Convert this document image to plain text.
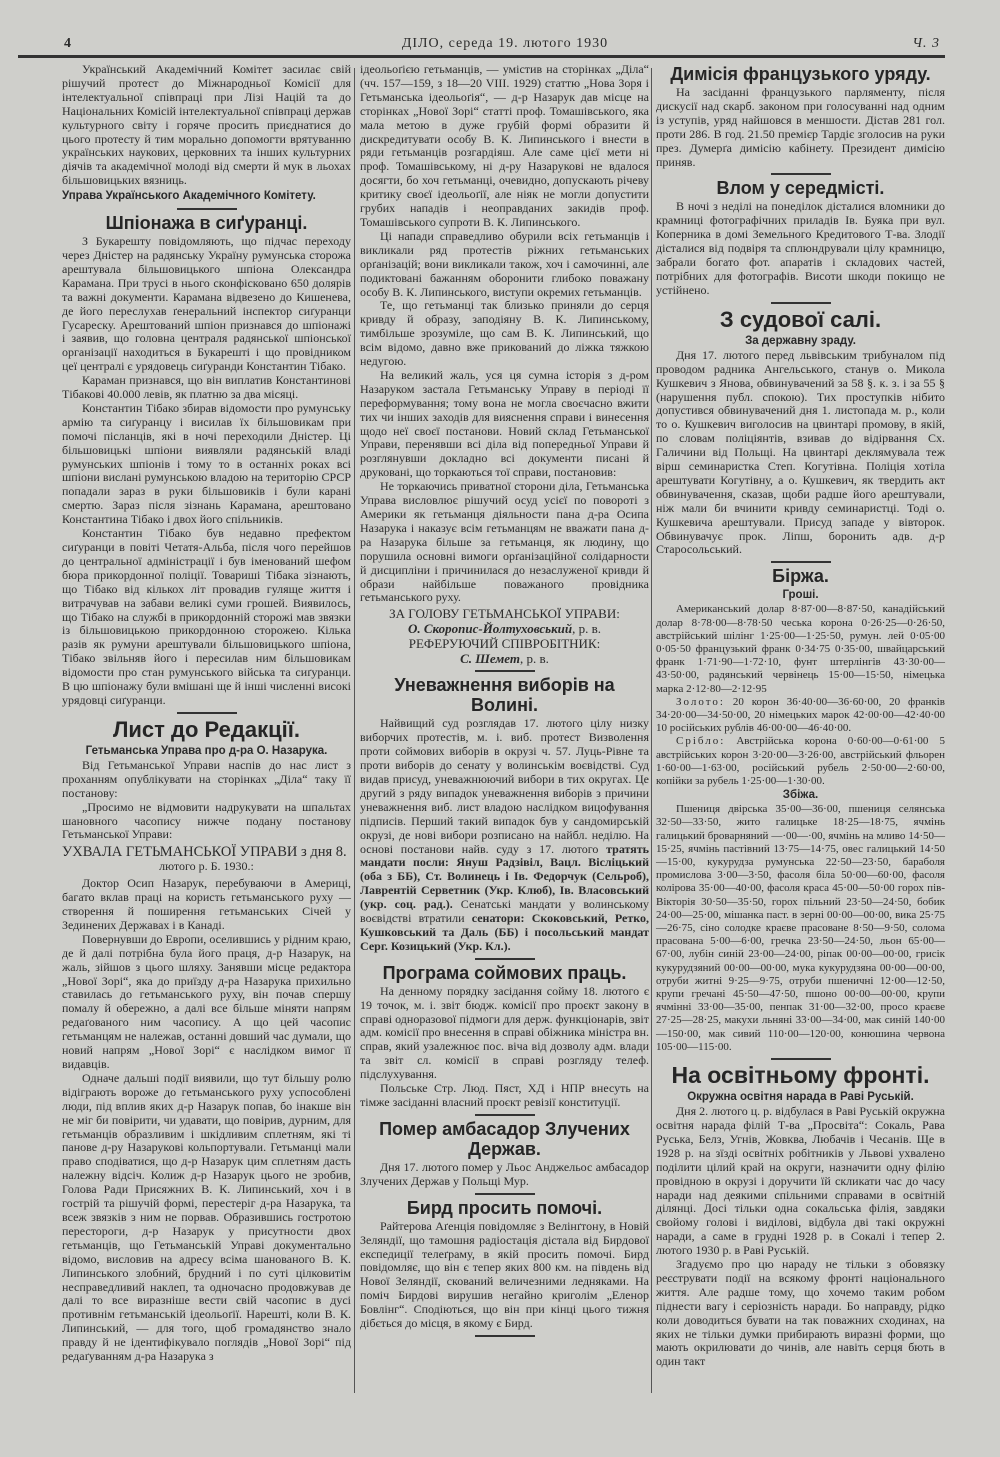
4	ДІЛО, середа 19. лютого 1930	Ч. 3

Український Академічний Комітет засилає свій рішучий протест до Міжнародньої Комісії для інтелектуальної співпраці при Лізі Націй та до Національних Комісій інтелектуальної співпраці держав культурного світу і горяче просить приєднатися до цього протесту й тим морально допомогти врятуванню українських наукових, церковних та інших культурних діячів та академічної молоді від смерти й мук в льохах більшовицьких вязниць.

Управа Українського Академічного Комітету.

Шпіонажа в сиґуранці.

З Букарешту повідомляють, що підчас переходу через Дністер на радянську Україну румунська сторожа арештувала більшовицького шпіона Олександра Карамана. При трусі в нього сконфісковано 650 долярів та важні документи. Карамана відвезено до Кишенева, де його переслухав ґенеральний інспектор сиґуранци Гусареску. Арештований шпіон признався до шпіонажі і заявив, що головна централя радянської шпіонської організації находиться в Букарешті і що провідником цеї централі є урядовець сиґуранди Константин Тібако.

Караман признався, що він виплатив Константинові Тібакові 40.000 левів, як платню за два місяці.

Константин Тібако збирав відомости про румунську армію та сиґуранцу і висилав їх більшовикам при помочі післанців, які в ночі переходили Дністер. Ці більшовицькі шпіони виявляли радянській владі румунських шпіонів і тому то в останніх роках всі шпіони вислані румунською владою на територію СРСР попадали зараз в руки більшовиків і були карані смертю. Зараз після зізнань Карамана, арештовано Константина Тібако і двох його спільників.

Константин Тібако був недавно префектом сиґуранци в повіті Четатя-Альба, після чого перейшов до центральної адміністрації і був іменований шефом бюра прикордонної поліції. Товариші Тібака зізнають, що Тібако від кількох літ провадив гуляще життя і витрачував на забави великі суми грошей. Виявилось, що Тібако на службі в прикордонній сторожі мав звязки із більшовицькою прикордонною сторожею. Кілька разів як румуни арештували більшовицького шпіона, Тібако звільняв його і пересилав ним більшовикам відомости про стан румунського війська та сиґуранци. В цю шпіонажу були вмішані ще й інші численні високі урядовці сиґуранци.

Лист до Редакції.
Гетьманська Управа про д-ра О. Назарука.

Від Гетьманської Управи наспів до нас лист з проханням опублікувати на сторінках „Діла“ таку її постанову:

„Просимо не відмовити надрукувати на шпальтах шановного часопису нижче подану постанову Гетьманської Управи:

УХВАЛА ГЕТЬМАНСЬКОЇ УПРАВИ з дня 8.

лютого р. Б. 1930.:

Доктор Осип Назарук, перебуваючи в Америці, багато вклав праці на користь гетьманського руху — створення й поширення гетьманських Січей у Зединених Державах і в Канаді.

Повернувши до Европи, оселившись у рідним краю, де й далі потрібна була його праця, д-р Назарук, на жаль, зійшов з цього шляху. Занявши місце редактора „Нової Зорі“, яка до приїзду д-ра Назарука прихильно ставилась до гетьманського руху, він почав спершу помалу й обережно, а далі все більше міняти напрям редаґованого ним часопису. А що цей часопис гетьманцям не належав, останні довший час думали, що новий напрям „Нової Зорі“ є наслідком вимог її видавців.

Одначе дальші події виявили, що тут більшу ролю відіграють вороже до гетьманського руху успособлені люди, під вплив яких д-р Назарук попав, бо інакше він не міг би повірити, чи удавати, що повірив, дурним, для гетьманців образливим і шкідливим сплетням, які ті панове д-ру Назарукові кольпортували. Гетьманці мали право сподіватися, що д-р Назарук цим сплетням дасть належну відсіч. Колиж д-р Назарук цього не зробив, Голова Ради Присяжних В. К. Липинський, хоч і в гострій та рішучій формі, перестеріг д-ра Назарука, та всеж звязків з ним не порвав. Образившись гостротою перестороги, д-р Назарук у присутности двох гетьманців, що Гетьманській Управі документально відомо, висловив на адресу всіма шанованого В. К. Липинського злобний, брудний і по суті цілковитім несправедливий наклеп, та одночасно продовжував де далі то все виразніше вести свій часопис в дусі противнім гетьманській ідеольоґії. Нарешті, коли В. К. Липинський, — для того, щоб громадянство знало правду й не ідентифікувало поглядів „Нової Зорі“ під редаґуванням д-ра Назарука з

ідеольоґією гетьманців, — умістив на сторінках „Діла“ (чч. 157—159, з 18—20 VIII. 1929) статтю „Нова Зоря і Гетьманська ідеольоґія“, — д-р Назарук дав місце на сторінках „Нової Зорі“ статті проф. Томашівського, яка мала метою в дуже грубій формі образити й дискредитувати особу В. К. Липинського і внести в ряди гетьманців розгардіяш. Але саме цієї мети ні проф. Томашівському, ні д-ру Назарукові не вдалося досягти, бо хоч гетьманці, очевидно, допускають річеву критику своєї ідеольоґії, але ніяк не могли допустити грубих нападів і неоправданих закидів проф. Томашівського супроти В. К. Липинського.

Ці напади справедливо обурили всіх гетьманців і викликали ряд протестів ріжних гетьманських орґанізацій; вони викликали також, хоч і самочинні, але подиктовані бажанням оборонити глибоко поважану особу В. К. Липинського, виступи окремих гетьманців.

Те, що гетьманці так близько приняли до серця кривду й образу, заподіяну В. К. Липинському, тимбільше зрозуміле, що сам В. К. Липинський, що всім відомо, давно вже прикований до ліжка тяжкою недугою.

На великий жаль, уся ця сумна історія з д-ром Назаруком застала Гетьманську Управу в періоді її переформування; тому вона не могла своєчасно вжити тих чи інших заходів для вияснення справи і винесення щодо неї своєї постанови. Новий склад Гетьманської Управи, перенявши всі діла від попередньої Управи й розглянувши докладно всі документи писані й друковані, що торкаються тої справи, постановив:

Не торкаючись приватної сторони діла, Гетьманська Управа висловлює рішучий осуд усієї по повороті з Америки як гетьманця діяльности пана д-ра Осипа Назарука і наказує всім гетьманцям не вважати пана д-ра Назарука більше за гетьманця, як людину, що порушила основні вимоги орґанізаційної солідарности й дисципліни і причинилася до незаслуженої кривди й образи найбільше поважаного провідника гетьманського руху.

ЗА ГОЛОВУ ГЕТЬМАНСЬКОЇ УПРАВИ:
О. Скоропис-Йолтуховський, р. в.
РЕФЕРУЮЧИЙ СПІВРОБІТНИК:
С. Шемет, р. в.
Уневажнення виборів на Волині.

Найвищий суд розглядав 17. лютого цілу низку виборчих протестів, м. і. виб. протест Визволення проти соймових виборів в окрузі ч. 57. Луць-Рівне та проти виборів до сенату у волинськім воєвідстві. Суд видав присуд, уневажнюючий вибори в тих округах. Це другий з ряду випадок уневажнення виборів з причини уневажнення виб. лист владою наслідком вицофування підписів. Перший такий випадок був у сандомирській окрузі, де нові вибори розписано на найбл. неділю. На основі постанови найв. суду з 17. лютого тратять мандати посли: Януш Радзівіл, Вацл. Вісліцький (оба з ББ), Ст. Волинець і Ів. Федорчук (Сельроб), Лаврентій Серветник (Укр. Клюб), Ів. Власовський (укр. соц. рад.). Сенатські мандати у волинському воєвідстві втратили сенатори: Скоковський, Ретко, Кушковський та Даль (ББ) і посольський мандат Серг. Козицький (Укр. Кл.).

Програма соймових праць.

На денному порядку засідання сойму 18. лютого є 19 точок, м. і. звіт бюдж. комісії про проєкт закону в справі одноразової підмоги для держ. функціонарів, звіт адм. комісії про внесення в справі обіжника міністра вн. справ, який узалежнює пос. віча від дозволу адм. влади та звіт сл. комісії в справі розгляду телеф. підслухування.

Польське Стр. Люд. Пяст, ХД і НПР внесуть на тімже засіданні власний проєкт ревізії конституції.

Помер амбасадор Злучених Держав.

Дня 17. лютого помер у Льос Анджельос амбасадор Злучених Держав у Польщі Мур.

Бирд просить помочі.

Райтерова Аґенція повідомляє з Велінґтону, в Новій Зеляндії, що тамошня радіостація дістала від Бирдової експедиції телеґраму, в якій просить помочі. Бирд повідомляє, що він є тепер яких 800 км. на південь від Нової Зеляндії, скований величезними ледняками. На поміч Бирдові вирушив негайно криголім „Еленор Бовлінг“. Сподіються, що він при кінці цього тижня дібється до місця, в якому є Бирд.

Димісія французького уряду.

На засіданні французького парляменту, після дискусії над скарб. законом при голосуванні над одним із уступів, уряд найшовся в меншости. Дістав 281 гол. проти 286. В год. 21.50 премієр Тардіє зголосив на руки през. Думерґа димісію кабінету. Президент димісію приняв.

Влом у середмісті.

В ночі з неділі на понеділок дісталися вломники до крамниці фотографічних приладів Ів. Буяка при вул. Коперника в домі Земельного Кредитового Т-ва. Злодії дісталися від подвіря та сплюндрували цілу крамницю, забрали богато фот. апаратів і складових частей, потрібних для фотографів. Висоти шкоди покищо не устійнено.

З судової салі.
За державну зраду.

Дня 17. лютого перед львівським трибуналом під проводом радника Ангельського, станув о. Микола Кушкевич з Янова, обвинувачений за 58 §. к. з. і за 55 § (нарушення публ. спокою). Тих проступків нібито допустився обвинувачений дня 1. листопада м. р., коли то о. Кушкевич виголосив на цвинтарі промову, в якій, по словам поліціянтів, взивав до відірвання Сх. Галичини від Польщі. На цвинтарі деклямувала теж вірш семинаристка Степ. Когутівна. Поліція хотіла арештувати Когутівну, а о. Кушкевич, як твердить акт обвинувачення, сказав, щоби радше його арештували, ніж мали би вчинити кривду семинаристці. Тоді о. Кушкевича арештували. Присуд западе у вівторок. Обвинувачує прок. Ліпш, боронить адв. д-р Старосольський.

Біржа.
Гроші.

Американський долар 8·87·00—8·87·50, канадійський долар 8·78·00—8·78·50 чеська корона 0·26·25—0·26·50, австрійський шілінг 1·25·00—1·25·50, румун. лей 0·05·00 0·05·50 французький франк 0·34·75 0·35·00, швайцарський франк 1·71·90—1·72·10, фунт штерлінгів 43·30·00—43·50·00, радянський червінець 15·00—15·50, німецька марка 2·12·80—2·12·95

Золото: 20 корон 36·40·00—36·60·00, 20 франків 34·20·00—34·50·00, 20 німецьких марок 42·00·00—42·40·00 10 російських рублів 46·00·00—46·40·00.

Срібло: Австрійська корона 0·60·00—0·61·00 5 австрійських корон 3·20·00—3·26·00, австрійський фльорен 1·60·00—1·63·00, російський рубель 2·50·00—2·60·00, копійки за рубель 1·25·00—1·30·00.

Збіжа.

Пшениця двірська 35·00—36·00, пшениця селянська 32·50—33·50, жито галицьке 18·25—18·75, ячмінь галицький броварняний —·00—·00, ячмінь на мливо 14·50—15·25, ячмінь пастівний 13·75—14·75, овес галицький 14·50—15·00, кукурудза румунська 22·50—23·50, бараболя промислова 3·00—3·50, фасоля біла 50·00—60·00, фасоля колірова 35·00—40·00, фасоля краса 45·00—50·00 горох пів-Вікторія 30·50—35·50, горох пільний 23·50—24·50, бобик 24·00—25·00, мішанка паст. в зерні 00·00—00·00, вика 25·75—26·75, сіно солодке краєве прасоване 8·50—9·50, солома прасована 5·00—6·00, гречка 23·50—24·50, льон 65·00—67·00, лубін синій 23·00—24·00, ріпак 00·00—00·00, грисік кукурудзяний 00·00—00·00, мука кукурудзяна 00·00—00·00, отруби житні 9·25—9·75, отруби пшеничні 12·00—12·50, крупи гречані 45·50—47·50, пшоно 00·00—00·00, крупи ячмінні 33·00—35·00, пенпак 31·00—32·00, просо краєве 27·25—28·25, макухи льняні 33·00—34·00, мак синій 140·00—150·00, мак сивий 110·00—120·00, конюшина червона 105·00—115·00.

На освітньому фронті.
Окружна освітня нарада в Раві Руській.

Дня 2. лютого ц. р. відбулася в Раві Руській окружна освітня нарада філій Т-ва „Просвіта“: Сокаль, Рава Руська, Белз, Угнів, Жовква, Любачів і Чесанів. Ще в 1928 р. на зїзді освітніх робітників у Львові ухвалено поділити цілий край на округи, назначити одну філію провідною в окрузі і доручити їй скликати час до часу наради над деякими спільними справами в освітній ділянці. Досі тільки одна сокальська філія, завдяки свойому голові і виділові, відбула дві такі окружні наради, а саме в грудні 1928 р. в Сокалі і тепер 2. лютого 1930 р. в Раві Руській.

Згадуємо про цю нараду не тільки з обовязку реєструвати події на всякому фронті національного життя. Але радше тому, що хочемо таким робом піднести вагу і серіозність наради. Бо направду, рідко коли доводиться бувати на так поважних сходинах, на яких не тільки думки прибирають виразні форми, що мають окрилювати до чинів, але навіть серця бють в один такт
